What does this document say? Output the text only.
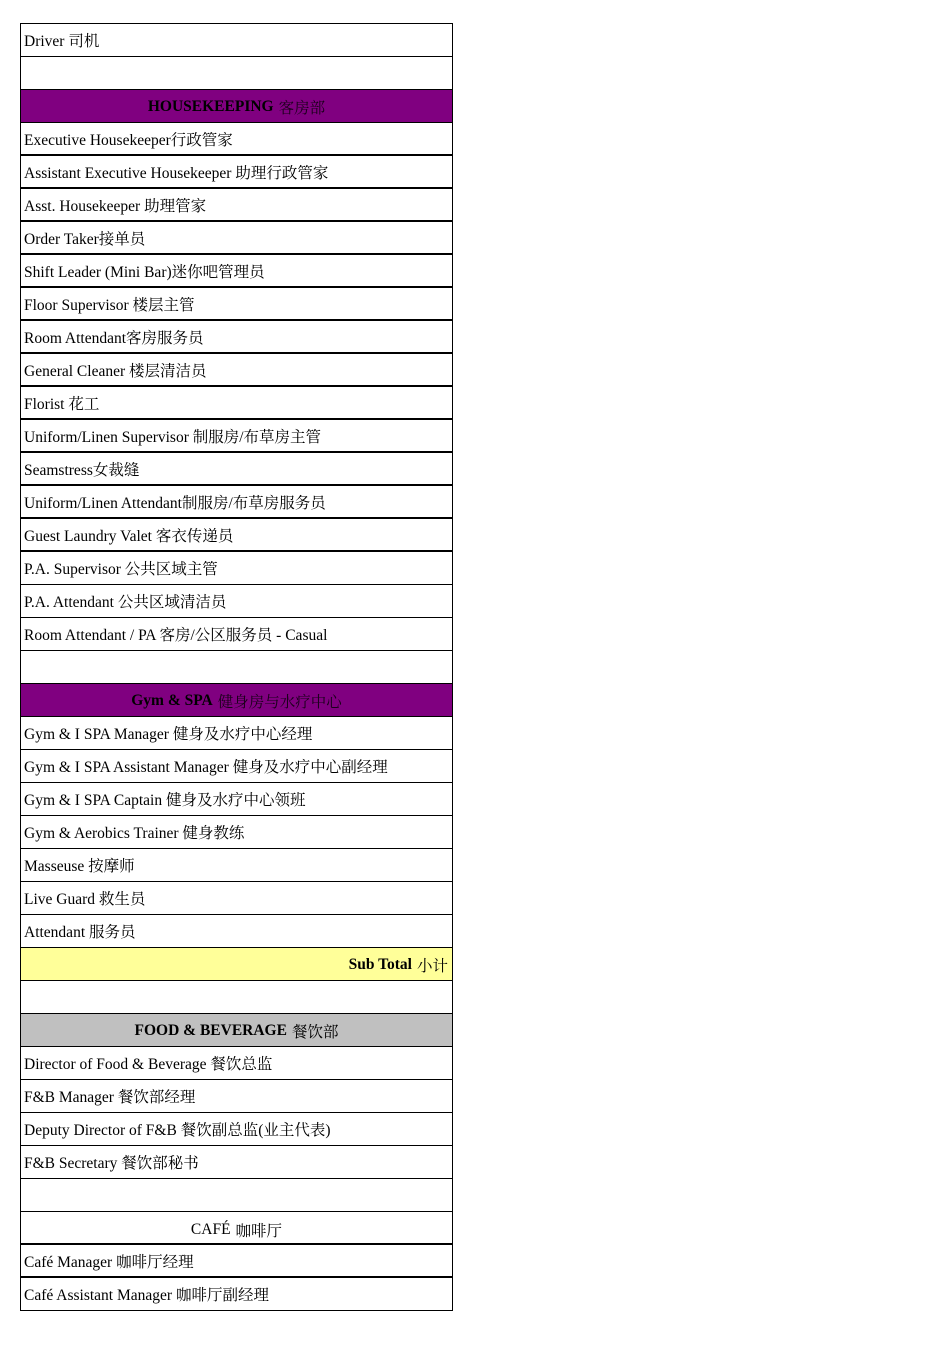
Driver 司机
HOUSEKEEPING 客房部
Executive Housekeeper行政管家
Assistant Executive Housekeeper 助理行政管家
Asst. Housekeeper 助理管家
Order Taker接单员
Shift Leader (Mini Bar)迷你吧管理员
Floor Supervisor 楼层主管
Room Attendant客房服务员
General Cleaner 楼层清洁员
Florist 花工
Uniform/Linen Supervisor 制服房/布草房主管
Seamstress女裁缝
Uniform/Linen Attendant制服房/布草房服务员
Guest Laundry Valet 客衣传递员
P.A. Supervisor 公共区域主管
P.A. Attendant 公共区域清洁员
Room Attendant / PA 客房/公区服务员 - Casual
Gym & SPA 健身房与水疗中心
Gym & I SPA Manager 健身及水疗中心经理
Gym & I SPA Assistant Manager 健身及水疗中心副经理
Gym & I SPA Captain 健身及水疗中心领班
Gym & Aerobics Trainer 健身教练
Masseuse 按摩师
Live Guard 救生员
Attendant 服务员
Sub Total 小计
FOOD & BEVERAGE 餐饮部
Director of Food & Beverage 餐饮总监
F&B Manager 餐饮部经理
Deputy Director of F&B 餐饮副总监(业主代表)
F&B Secretary 餐饮部秘书
CAFÉ 咖啡厅
Café Manager 咖啡厅经理
Café Assistant Manager 咖啡厅副经理
